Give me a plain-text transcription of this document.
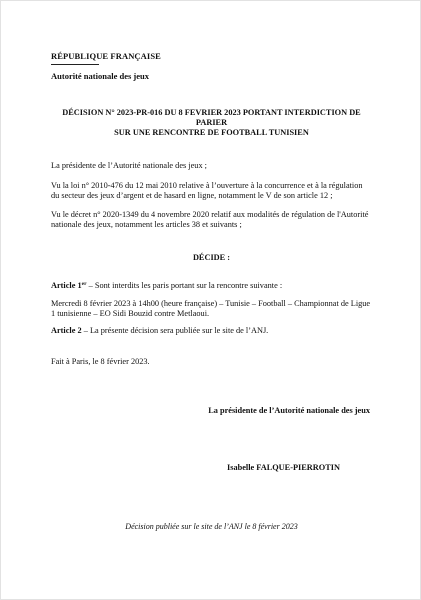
RÉPUBLIQUE FRANÇAISE
Autorité nationale des jeux
DÉCISION N° 2023-PR-016 DU 8 FEVRIER 2023 PORTANT INTERDICTION DE
PARIER
SUR UNE RENCONTRE DE FOOTBALL TUNISIEN
La présidente de l’Autorité nationale des jeux ;
Vu la loi n° 2010-476 du 12 mai 2010 relative à l’ouverture à la concurrence et à la régulation
du secteur des jeux d’argent et de hasard en ligne, notamment le V de son article 12 ;
Vu le décret n° 2020-1349 du 4 novembre 2020 relatif aux modalités de régulation de l'Autorité
nationale des jeux, notamment les articles 38 et suivants ;
DÉCIDE :
Article 1er – Sont interdits les paris portant sur la rencontre suivante :
Mercredi 8 février 2023 à 14h00 (heure française) – Tunisie – Football – Championnat de Ligue
1 tunisienne – EO Sidi Bouzid contre Metlaoui.
Article 2 – La présente décision sera publiée sur le site de l’ANJ.
Fait à Paris, le 8 février 2023.
La présidente de l’Autorité nationale des jeux
Isabelle FALQUE-PIERROTIN
Décision publiée sur le site de l’ANJ le 8 février 2023
